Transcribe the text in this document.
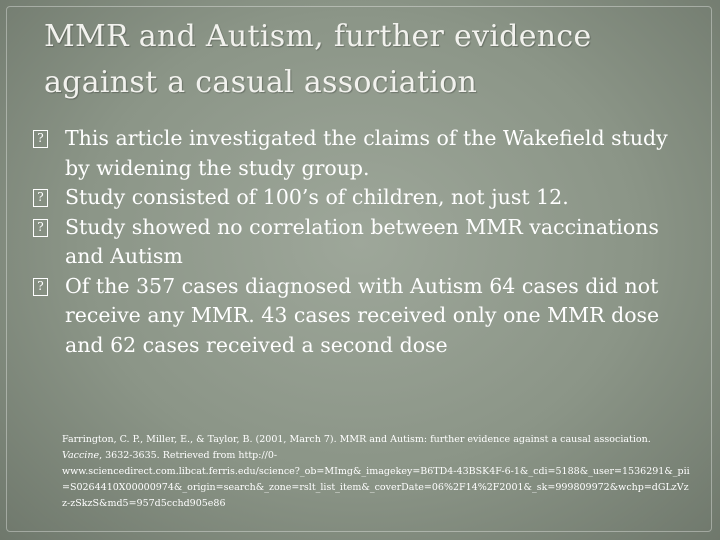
MMR and Autism, further evidence
against a casual association
? This article investigated the claims of the Wakefield study by widening the study group.
? Study consisted of 100’s of children, not just 12.
? Study showed no correlation between MMR vaccinations and Autism
? Of the 357 cases diagnosed with Autism 64 cases did not receive any MMR. 43 cases received only one MMR dose and 62 cases received a second dose
Farrington, C. P., Miller, E., & Taylor, B. (2001, March 7). MMR and Autism: further evidence against a causal association.
Vaccine, 3632-3635. Retrieved from http://0-
www.sciencedirect.com.libcat.ferris.edu/science?_ob=MImg&_imagekey=B6TD4-43BSK4F-6-1&_cdi=5188&_user=1536291&_pii=S0264410X00000974&_origin=search&_zone=rslt_list_item&_coverDate=06%2F14%2F2001&_sk=999809972&wchp=dGLzVzz-zSkzS&md5=957d5cchd905e86
